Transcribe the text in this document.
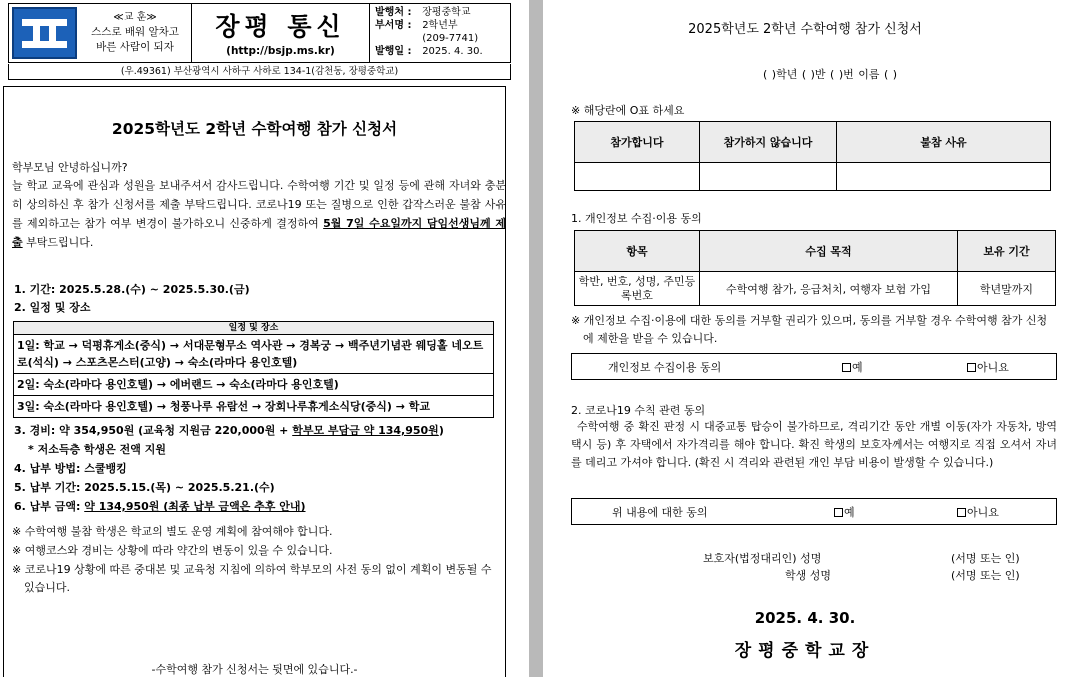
≪교 훈≫
스스로 배워 알차고
바른 사람이 되자
장평 통신
(http://bsjp.ms.kr)
발행처 : 장평중학교
부서명 : 2학년부
(209-7741)
발행일 : 2025. 4. 30.
(우.49361) 부산광역시 사하구 사하로 134-1(감천동, 장평중학교)
2025학년도 2학년 수학여행 참가 신청서
학부모님 안녕하십니까?
늘 학교 교육에 관심과 성원을 보내주셔서 감사드립니다. 수학여행 기간 및 일정 등에 관해 자녀와 충분히 상의하신 후 참가 신청서를 제출 부탁드립니다. 코로나19 또는 질병으로 인한 갑작스러운 불참 사유를 제외하고는 참가 여부 변경이 불가하오니 신중하게 결정하여 5월 7일 수요일까지 담임선생님께 제출 부탁드립니다.
1. 기간: 2025.5.28.(수) ~ 2025.5.30.(금)
2. 일정 및 장소
일정 및 장소
1일: 학교 → 덕평휴게소(중식) → 서대문형무소 역사관 → 경복궁 → 백주년기념관 웨딩홀 네오트로(석식) → 스포츠몬스터(고양) → 숙소(라마다 용인호텔)
2일: 숙소(라마다 용인호텔) → 에버랜드 → 숙소(라마다 용인호텔)
3일: 숙소(라마다 용인호텔) → 청풍나루 유람선 → 장회나루휴게소식당(중식) → 학교
3. 경비: 약 354,950원 (교육청 지원금 220,000원 + 학부모 부담금 약 134,950원)
* 저소득층 학생은 전액 지원
4. 납부 방법: 스쿨뱅킹
5. 납부 기간: 2025.5.15.(목) ~ 2025.5.21.(수)
6. 납부 금액: 약 134,950원 (최종 납부 금액은 추후 안내)
※ 수학여행 불참 학생은 학교의 별도 운영 계획에 참여해야 합니다.
※ 여행코스와 경비는 상황에 따라 약간의 변동이 있을 수 있습니다.
※ 코로나19 상황에 따른 중대본 및 교육청 지침에 의하여 학부모의 사전 동의 없이 계획이 변동될 수 있습니다.
-수학여행 참가 신청서는 뒷면에 있습니다.-
2025학년도 2학년 수학여행 참가 신청서
( )학년 ( )반 ( )번 이름 ( )
※ 해당란에 O표 하세요
참가합니다	참가하지 않습니다	불참 사유

1. 개인정보 수집·이용 동의
항목	수집 목적	보유 기간
학반, 번호, 성명, 주민등록번호	수학여행 참가, 응급처치, 여행자 보험 가입	학년말까지
※ 개인정보 수집·이용에 대한 동의를 거부할 권리가 있으며, 동의를 거부할 경우 수학여행 참가 신청에 제한을 받을 수 있습니다.
개인정보 수집이용 동의	예	아니요
2. 코로나19 수칙 관련 동의
수학여행 중 확진 판정 시 대중교통 탑승이 불가하므로, 격리기간 동안 개별 이동(자가 자동차, 방역 택시 등) 후 자택에서 자가격리를 해야 합니다. 확진 학생의 보호자께서는 여행지로 직접 오셔서 자녀를 데리고 가셔야 합니다. (확진 시 격리와 관련된 개인 부담 비용이 발생할 수 있습니다.)
위 내용에 대한 동의	예	아니요
보호자(법정대리인) 성명	(서명 또는 인)
학생 성명	(서명 또는 인)
2025. 4. 30.
장평중학교장
